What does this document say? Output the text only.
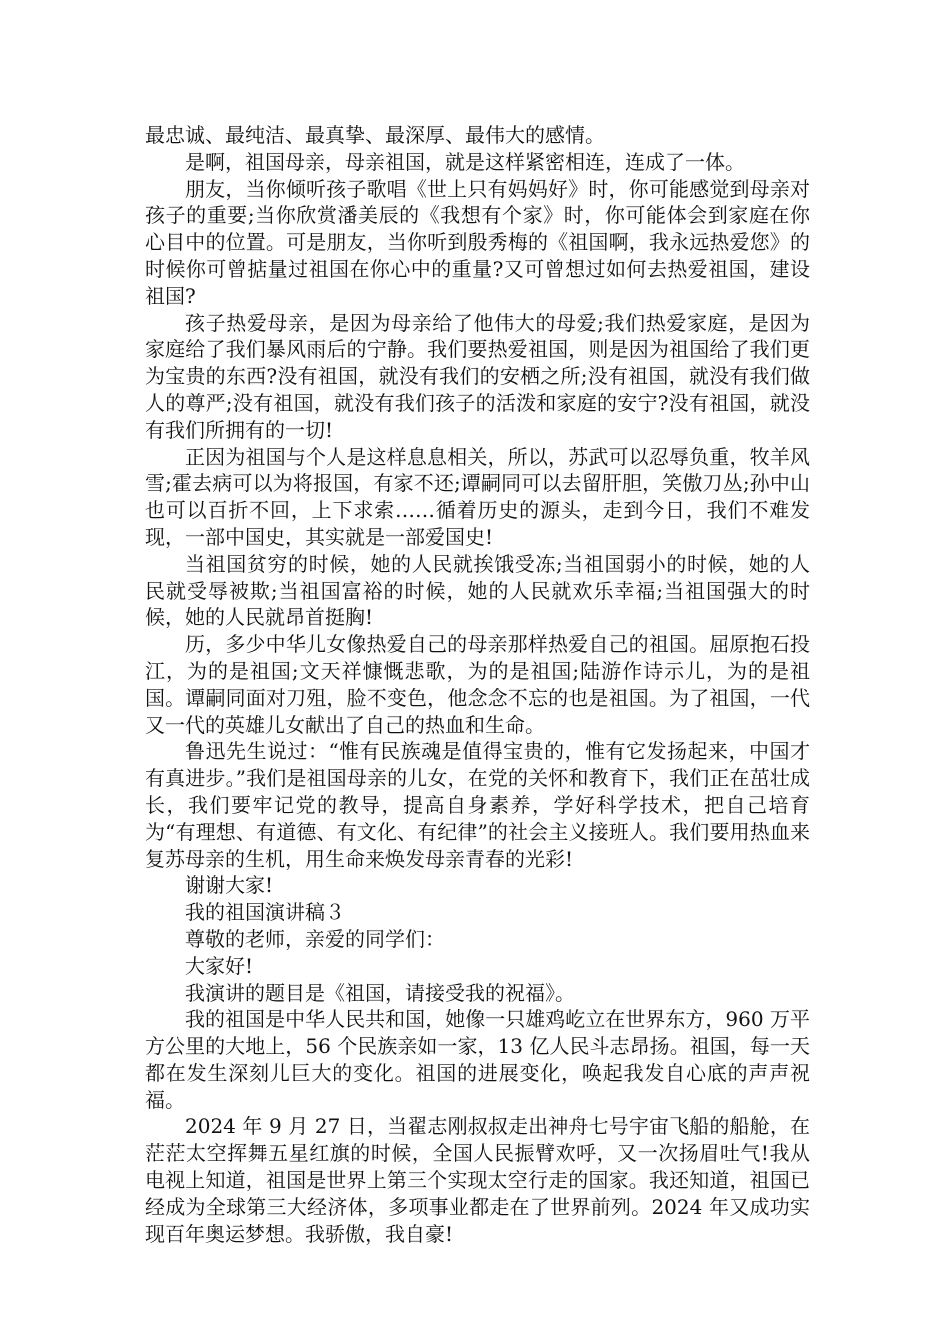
最忠诚、最纯洁、最真挚、最深厚、最伟大的感情。

是啊，祖国母亲，母亲祖国，就是这样紧密相连，连成了一体。

朋友，当你倾听孩子歌唱《世上只有妈妈好》时，你可能感觉到母亲对孩子的重要;当你欣赏潘美辰的《我想有个家》时，你可能体会到家庭在你心目中的位置。可是朋友，当你听到殷秀梅的《祖国啊，我永远热爱您》的时候你可曾掂量过祖国在你心中的重量?又可曾想过如何去热爱祖国，建设祖国?

孩子热爱母亲，是因为母亲给了他伟大的母爱;我们热爱家庭，是因为家庭给了我们暴风雨后的宁静。我们要热爱祖国，则是因为祖国给了我们更为宝贵的东西?没有祖国，就没有我们的安栖之所;没有祖国，就没有我们做人的尊严;没有祖国，就没有我们孩子的活泼和家庭的安宁?没有祖国，就没有我们所拥有的一切!

正因为祖国与个人是这样息息相关，所以，苏武可以忍辱负重，牧羊风雪;霍去病可以为将报国，有家不还;谭嗣同可以去留肝胆，笑傲刀丛;孙中山也可以百折不回，上下求索……循着历史的源头，走到今日，我们不难发现，一部中国史，其实就是一部爱国史!

当祖国贫穷的时候，她的人民就挨饿受冻;当祖国弱小的时候，她的人民就受辱被欺;当祖国富裕的时候，她的人民就欢乐幸福;当祖国强大的时候，她的人民就昂首挺胸!

历，多少中华儿女像热爱自己的母亲那样热爱自己的祖国。屈原抱石投江，为的是祖国;文天祥慷慨悲歌，为的是祖国;陆游作诗示儿，为的是祖国。谭嗣同面对刀殂，脸不变色，他念念不忘的也是祖国。为了祖国，一代又一代的英雄儿女献出了自己的热血和生命。

鲁迅先生说过：“惟有民族魂是值得宝贵的，惟有它发扬起来，中国才有真进步。”我们是祖国母亲的儿女，在党的关怀和教育下，我们正在茁壮成长，我们要牢记党的教导，提高自身素养，学好科学技术，把自己培育为“有理想、有道德、有文化、有纪律”的社会主义接班人。我们要用热血来复苏母亲的生机，用生命来焕发母亲青春的光彩!

谢谢大家!

我的祖国演讲稿３

尊敬的老师，亲爱的同学们：

大家好!

我演讲的题目是《祖国，请接受我的祝福》。

我的祖国是中华人民共和国，她像一只雄鸡屹立在世界东方，960 万平方公里的大地上，56 个民族亲如一家，13 亿人民斗志昂扬。祖国，每一天都在发生深刻儿巨大的变化。祖国的进展变化，唤起我发自心底的声声祝福。

2024 年 9 月 27 日，当翟志刚叔叔走出神舟七号宇宙飞船的船舱，在茫茫太空挥舞五星红旗的时候，全国人民振臂欢呼，又一次扬眉吐气!我从电视上知道，祖国是世界上第三个实现太空行走的国家。我还知道，祖国已经成为全球第三大经济体，多项事业都走在了世界前列。2024 年又成功实现百年奥运梦想。我骄傲，我自豪!
